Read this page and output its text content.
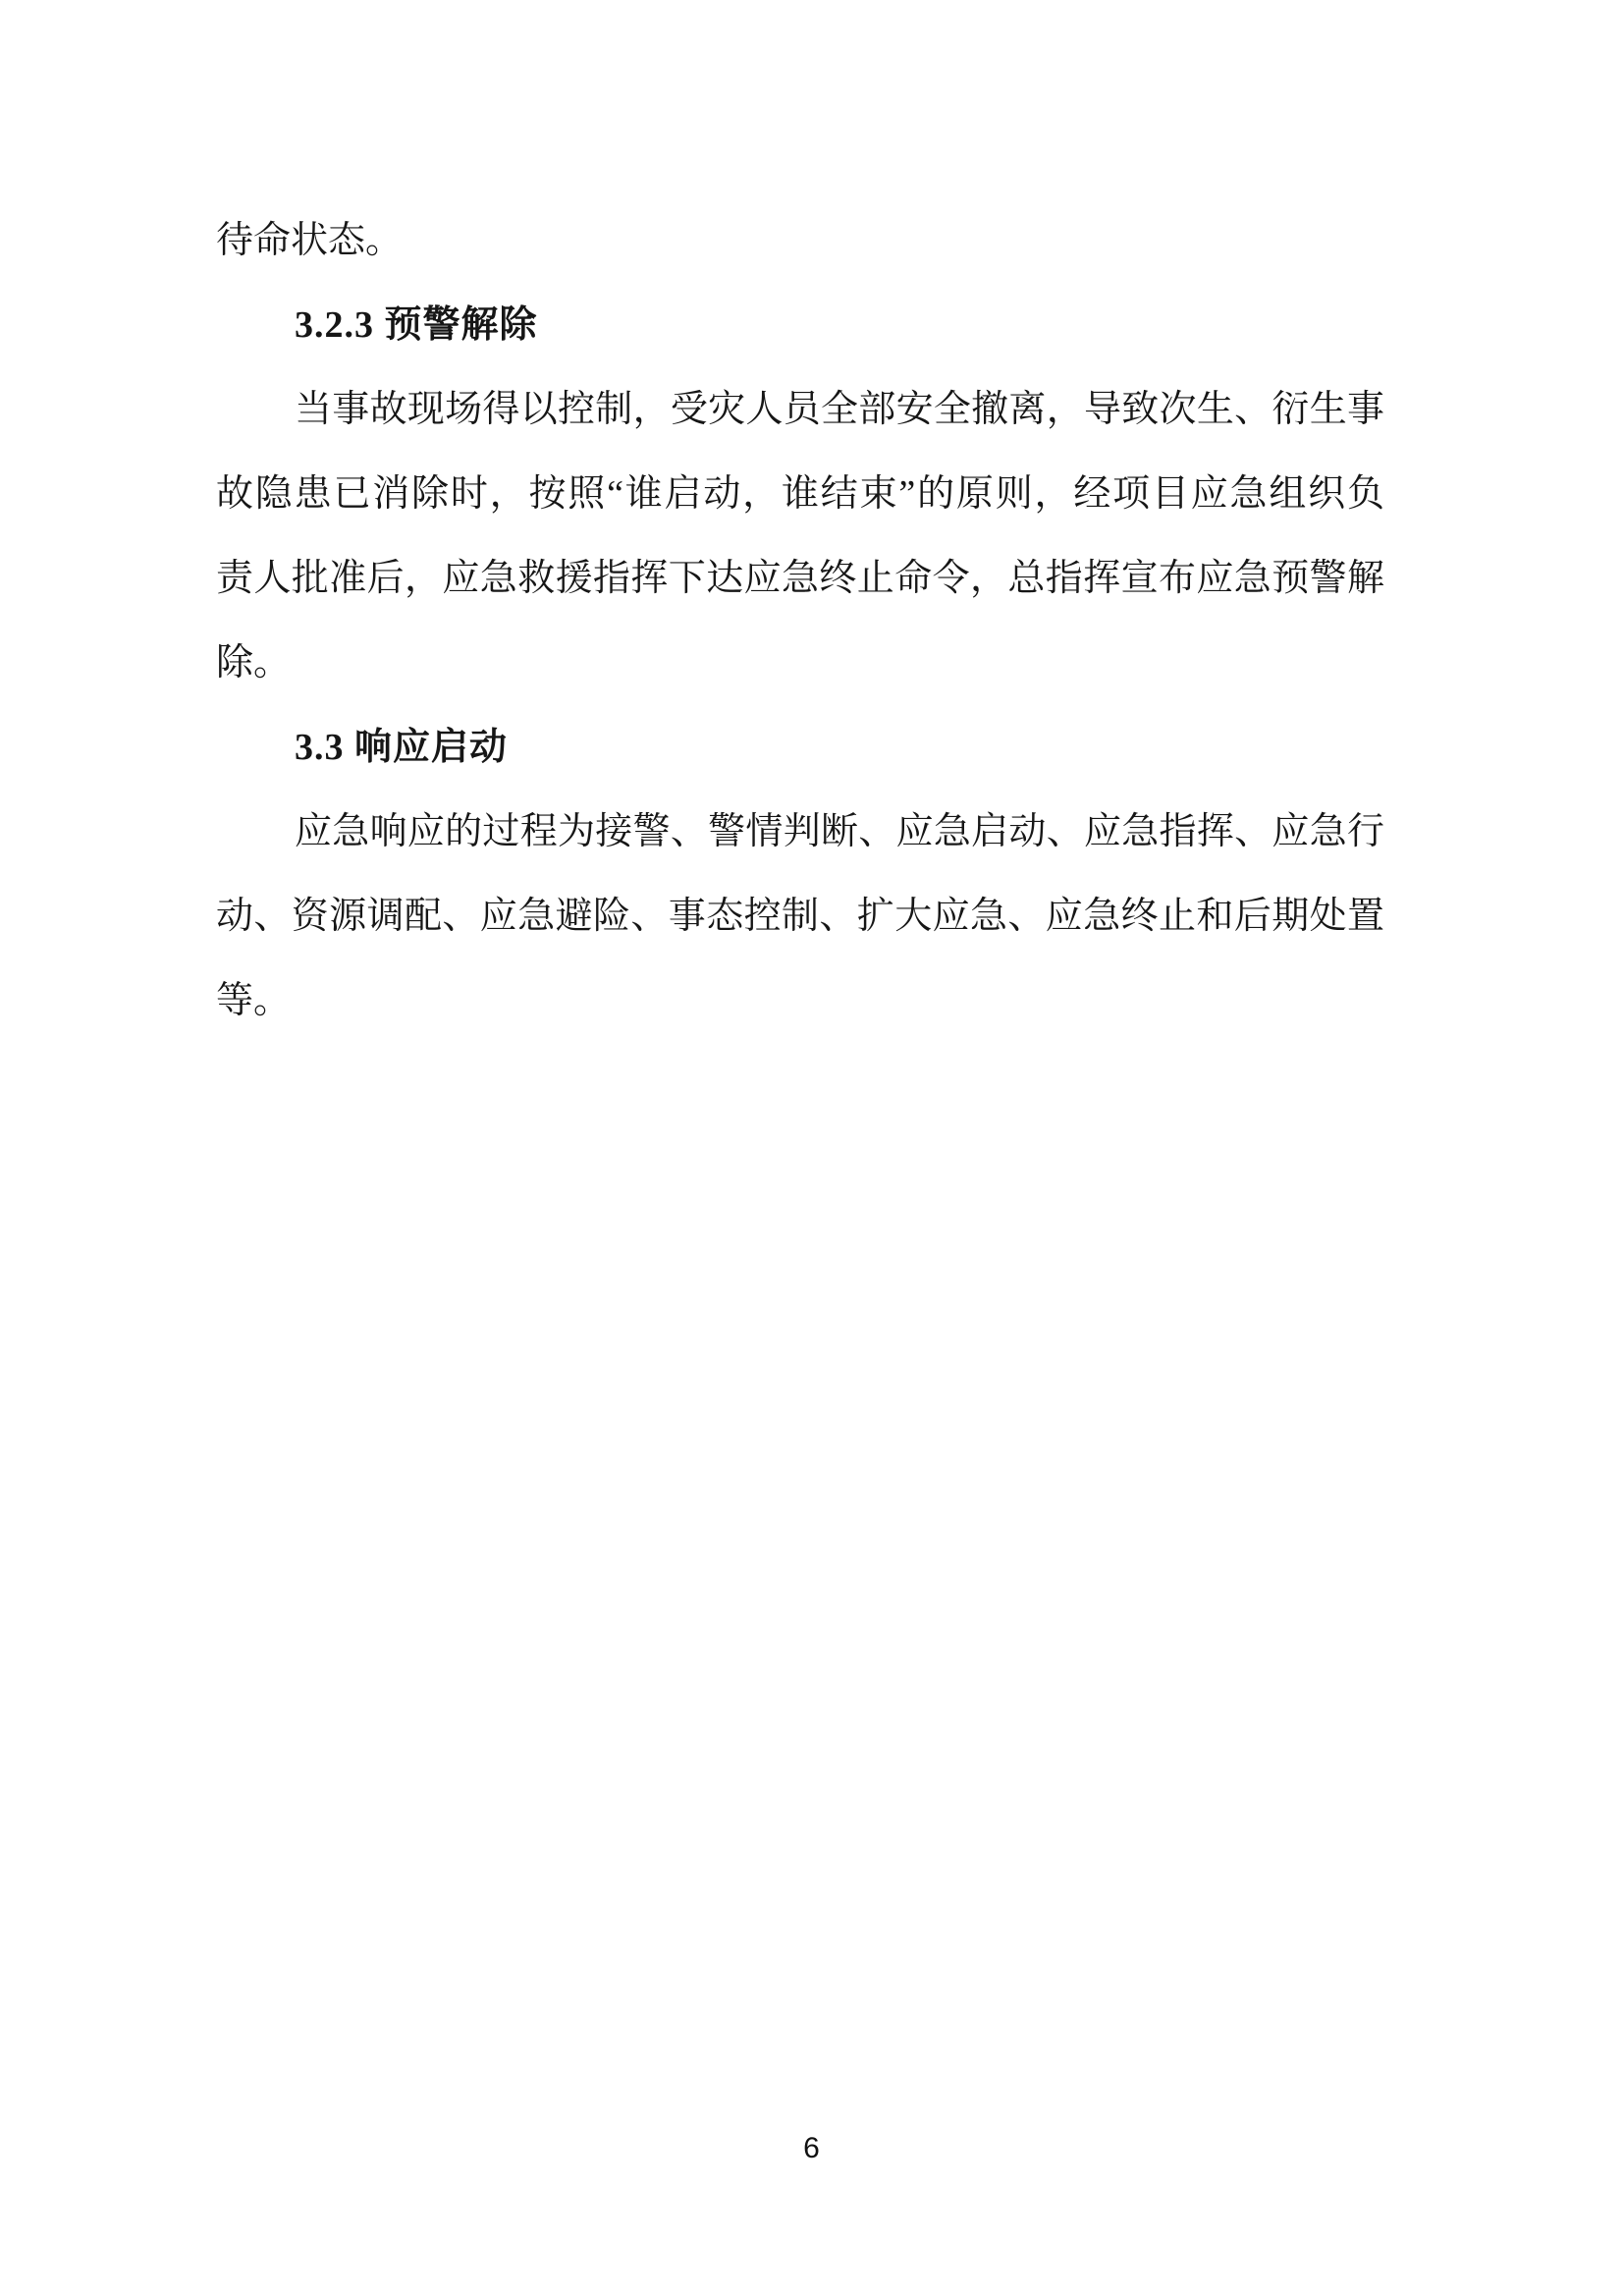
待命状态。
3.2.3 预警解除
当事故现场得以控制，受灾人员全部安全撤离，导致次生、衍生事
故隐患已消除时，按照“谁启动，谁结束”的原则，经项目应急组织负
责人批准后，应急救援指挥下达应急终止命令，总指挥宣布应急预警解
除。
3.3 响应启动
应急响应的过程为接警、警情判断、应急启动、应急指挥、应急行
动、资源调配、应急避险、事态控制、扩大应急、应急终止和后期处置
等。
6
